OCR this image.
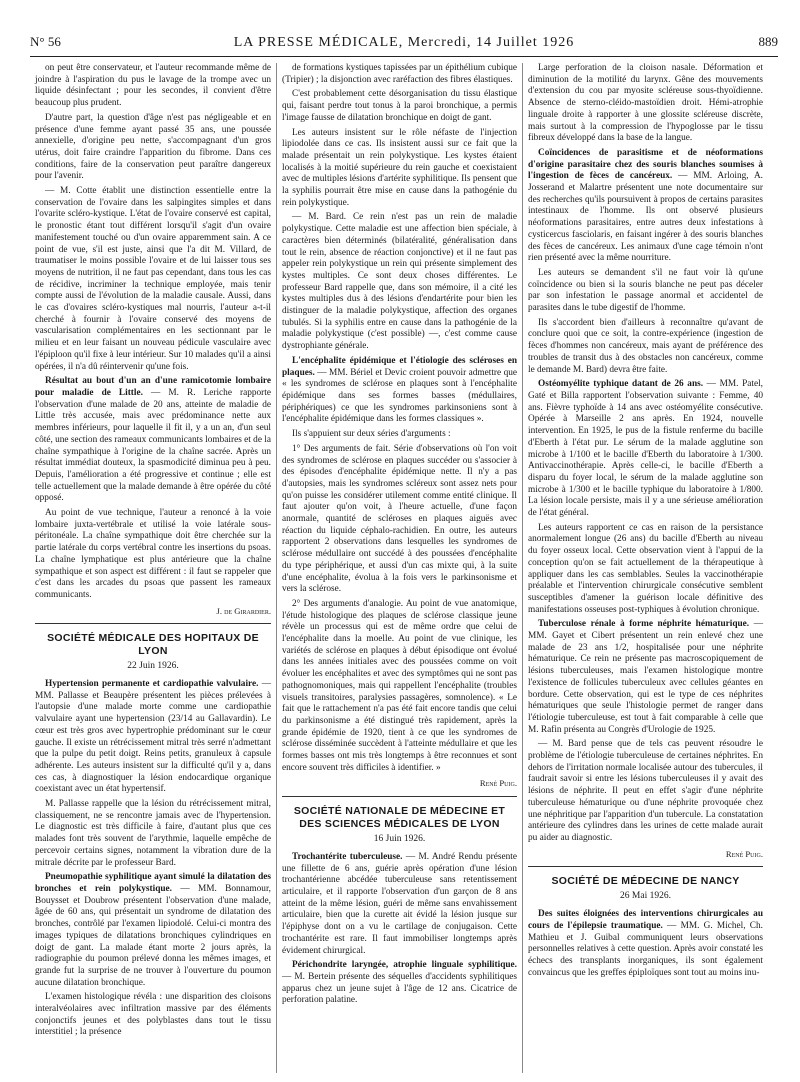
N° 56	LA PRESSE MÉDICALE, Mercredi, 14 Juillet 1926	889

on peut être conservateur, et l'auteur recommande même de joindre à l'aspiration du pus le lavage de la trompe avec un liquide désinfectant ; pour les secondes, il convient d'être beaucoup plus prudent.

D'autre part, la question d'âge n'est pas négligeable et en présence d'une femme ayant passé 35 ans, une poussée annexielle, d'origine peu nette, s'accompagnant d'un gros utérus, doit faire craindre l'apparition du fibrome. Dans ces conditions, faire de la conservation peut paraître dangereux pour l'avenir.

— M. Cotte établit une distinction essentielle entre la conservation de l'ovaire dans les salpingites simples et dans l'ovarite scléro-kystique. L'état de l'ovaire conservé est capital, le pronostic étant tout différent lorsqu'il s'agit d'un ovaire manifestement touché ou d'un ovaire apparemment sain. A ce point de vue, s'il est juste, ainsi que l'a dit M. Villard, de traumatiser le moins possible l'ovaire et de lui laisser tous ses moyens de nutrition, il ne faut pas cependant, dans tous les cas de récidive, incriminer la technique employée, mais tenir compte aussi de l'évolution de la maladie causale. Aussi, dans le cas d'ovaires scléro-kystiques mal nourris, l'auteur a-t-il cherché à fournir à l'ovaire conservé des moyens de vascularisation complémentaires en les sectionnant par le milieu et en leur faisant un nouveau pédicule vasculaire avec l'épiploon qu'il fixe à leur intérieur. Sur 10 malades qu'il a ainsi opérées, il n'a dû réintervenir qu'une fois.

Résultat au bout d'un an d'une ramicotomie lombaire pour maladie de Little. — M. R. Leriche rapporte l'observation d'une malade de 20 ans, atteinte de maladie de Little très accusée, mais avec prédominance nette aux membres inférieurs, pour laquelle il fit il, y a un an, d'un seul côté, une section des rameaux communicants lombaires et de la chaîne sympathique à l'origine de la chaîne sacrée. Après un résultat immédiat douteux, la spasmodicité diminua peu à peu. Depuis, l'amélioration a été progressive et continue ; elle est telle actuellement que la malade demande à être opérée du côté opposé.

Au point de vue technique, l'auteur a renoncé à la voie lombaire juxta-vertébrale et utilisé la voie latérale sous-péritonéale. La chaîne sympathique doit être cherchée sur la partie latérale du corps vertébral contre les insertions du psoas. La chaîne lymphatique est plus antérieure que la chaîne sympathique et son aspect est différent : il faut se rappeler que c'est dans les arcades du psoas que passent les rameaux communicants.

J. de Girardier.

SOCIÉTÉ MÉDICALE DES HOPITAUX DE LYON
22 Juin 1926.

Hypertension permanente et cardiopathie valvulaire. — MM. Pallasse et Beaupère présentent les pièces prélevées à l'autopsie d'une malade morte comme une cardiopathie valvulaire ayant une hypertension (23/14 au Gallavardin). Le cœur est très gros avec hypertrophie prédominant sur le cœur gauche. Il existe un rétrécissement mitral très serré n'admettant que la pulpe du petit doigt. Reins petits, granuleux à capsule adhérente. Les auteurs insistent sur la difficulté qu'il y a, dans ces cas, à diagnostiquer la lésion endocardique organique coexistant avec un état hypertensif.

M. Pallasse rappelle que la lésion du rétrécissement mitral, classiquement, ne se rencontre jamais avec de l'hypertension. Le diagnostic est très difficile à faire, d'autant plus que ces malades font très souvent de l'arythmie, laquelle empêche de percevoir certains signes, notamment la vibration dure de la mitrale décrite par le professeur Bard.

Pneumopathie syphilitique ayant simulé la dilatation des bronches et rein polykystique. — MM. Bonnamour, Bouysset et Doubrow présentent l'observation d'une malade, âgée de 60 ans, qui présentait un syndrome de dilatation des bronches, contrôlé par l'examen lipiodolé. Celui-ci montra des images typiques de dilatations bronchiques cylindriques en doigt de gant. La malade étant morte 2 jours après, la radiographie du poumon prélevé donna les mêmes images, et grande fut la surprise de ne trouver à l'ouverture du poumon aucune dilatation bronchique.

L'examen histologique révéla : une disparition des cloisons interalvéolaires avec infiltration massive par des éléments conjonctifs jeunes et des polyblastes dans tout le tissu interstitiel ; la présence

de formations kystiques tapissées par un épithélium cubique (Tripier) ; la disjonction avec raréfaction des fibres élastiques.

C'est probablement cette désorganisation du tissu élastique qui, faisant perdre tout tonus à la paroi bronchique, a permis l'image fausse de dilatation bronchique en doigt de gant.

Les auteurs insistent sur le rôle néfaste de l'injection lipiodolée dans ce cas. Ils insistent aussi sur ce fait que la malade présentait un rein polykystique. Les kystes étaient localisés à la moitié supérieure du rein gauche et coexistaient avec de multiples lésions d'artérite syphilitique. Ils pensent que la syphilis pourrait être mise en cause dans la pathogénie du rein polykystique.

— M. Bard. Ce rein n'est pas un rein de maladie polykystique. Cette maladie est une affection bien spéciale, à caractères bien déterminés (bilatéralité, généralisation dans tout le rein, absence de réaction conjonctive) et il ne faut pas appeler rein polykystique un rein qui présente simplement des kystes multiples. Ce sont deux choses différentes. Le professeur Bard rappelle que, dans son mémoire, il a cité les kystes multiples dus à des lésions d'endartérite pour bien les distinguer de la maladie polykystique, affection des organes tubulés. Si la syphilis entre en cause dans la pathogénie de la maladie polykystique (c'est possible) —, c'est comme cause dystrophiante générale.

L'encéphalite épidémique et l'étiologie des scléroses en plaques. — MM. Bériel et Devic croient pouvoir admettre que « les syndromes de sclérose en plaques sont à l'encéphalite épidémique dans ses formes basses (médullaires, périphériques) ce que les syndromes parkinsoniens sont à l'encéphalite épidémique dans les formes classiques ».

Ils s'appuient sur deux séries d'arguments :

1° Des arguments de fait. Série d'observations où l'on voit des syndromes de sclérose en plaques succéder ou s'associer à des épisodes d'encéphalite épidémique nette. Il n'y a pas d'autopsies, mais les syndromes scléreux sont assez nets pour qu'on puisse les considérer utilement comme entité clinique. Il faut ajouter qu'on voit, à l'heure actuelle, d'une façon anormale, quantité de scléroses en plaques aiguës avec réaction du liquide céphalo-rachidien. En outre, les auteurs rapportent 2 observations dans lesquelles les syndromes de sclérose médullaire ont succédé à des poussées d'encéphalite du type périphérique, et aussi d'un cas mixte qui, à la suite d'une encéphalite, évolua à la fois vers le parkinsonisme et vers la sclérose.

2° Des arguments d'analogie. Au point de vue anatomique, l'étude histologique des plaques de sclérose classique jeune révèle un processus qui est de même ordre que celui de l'encéphalite dans la moelle. Au point de vue clinique, les variétés de sclérose en plaques à début épisodique ont évolué dans les années initiales avec des poussées comme on voit évoluer les encéphalites et avec des symptômes qui ne sont pas pathognomoniques, mais qui rappellent l'encéphalite (troubles visuels transitoires, paralysies passagères, somnolence). « Le fait que le rattachement n'a pas été fait encore tandis que celui du parkinsonisme a été distingué très rapidement, après la grande épidémie de 1920, tient à ce que les syndromes de sclérose disséminée succèdent à l'atteinte médullaire et que les formes basses ont mis très longtemps à être reconnues et sont encore souvent très difficiles à identifier. »

René Puig.

SOCIÉTÉ NATIONALE DE MÉDECINE ET DES SCIENCES MÉDICALES DE LYON
16 Juin 1926.

Trochantérite tuberculeuse. — M. André Rendu présente une fillette de 6 ans, guérie après opération d'une lésion trochantérienne abcédée tuberculeuse sans retentissement articulaire, et il rapporte l'observation d'un garçon de 8 ans atteint de la même lésion, guéri de même sans envahissement articulaire, bien que la curette ait évidé la lésion jusque sur l'épiphyse dont on a vu le cartilage de conjugaison. Cette trochantérite est rare. Il faut immobiliser longtemps après évidement chirurgical.

Périchondrite laryngée, atrophie linguale syphilitique. — M. Bertein présente des séquelles d'accidents syphilitiques apparus chez un jeune sujet à l'âge de 12 ans. Cicatrice de perforation palatine.

Large perforation de la cloison nasale. Déformation et diminution de la motilité du larynx. Gêne des mouvements d'extension du cou par myosite scléreuse sous-thyoïdienne. Absence de sterno-cléido-mastoïdien droit. Hémi-atrophie linguale droite à rapporter à une glossite scléreuse discrète, mais surtout à la compression de l'hypoglosse par le tissu fibreux développé dans la base de la langue.

Coïncidences de parasitisme et de néoformations d'origine parasitaire chez des souris blanches soumises à l'ingestion de fèces de cancéreux. — MM. Arloing, A. Josserand et Malartre présentent une note documentaire sur des recherches qu'ils poursuivent à propos de certains parasites intestinaux de l'homme. Ils ont observé plusieurs néoformations parasitaires, entre autres deux infestations à cysticercus fasciolaris, en faisant ingérer à des souris blanches des fèces de cancéreux. Les animaux d'une cage témoin n'ont rien présenté avec la même nourriture.

Les auteurs se demandent s'il ne faut voir là qu'une coïncidence ou bien si la souris blanche ne peut pas déceler par son infestation le passage anormal et accidentel de parasites dans le tube digestif de l'homme.

Ils s'accordent bien d'ailleurs à reconnaître qu'avant de conclure quoi que ce soit, la contre-expérience (ingestion de fèces d'hommes non cancéreux, mais ayant de préférence des troubles de transit dus à des obstacles non cancéreux, comme le demande M. Bard) devra être faite.

Ostéomyélite typhique datant de 26 ans. — MM. Patel, Gaté et Billa rapportent l'observation suivante : Femme, 40 ans. Fièvre typhoïde à 14 ans avec ostéomyélite consécutive. Opérée à Marseille 2 ans après. En 1924, nouvelle intervention. En 1925, le pus de la fistule renferme du bacille d'Eberth à l'état pur. Le sérum de la malade agglutine son microbe à 1/100 et le bacille d'Eberth du laboratoire à 1/300. Antivaccinothérapie. Après celle-ci, le bacille d'Eberth a disparu du foyer local, le sérum de la malade agglutine son microbe à 1/300 et le bacille typhique du laboratoire à 1/800. La lésion locale persiste, mais il y a une sérieuse amélioration de l'état général.

Les auteurs rapportent ce cas en raison de la persistance anormalement longue (26 ans) du bacille d'Eberth au niveau du foyer osseux local. Cette observation vient à l'appui de la conception qu'on se fait actuellement de la thérapeutique à appliquer dans les cas semblables. Seules la vaccinothérapie préalable et l'intervention chirurgicale consécutive semblent susceptibles d'amener la guérison locale définitive des manifestations osseuses post-typhiques à évolution chronique.

Tuberculose rénale à forme néphrite hématurique. — MM. Gayet et Cibert présentent un rein enlevé chez une malade de 23 ans 1/2, hospitalisée pour une néphrite hématurique. Ce rein ne présente pas macroscopiquement de lésions tuberculeuses, mais l'examen histologique montre l'existence de follicules tuberculeux avec cellules géantes en bordure. Cette observation, qui est le type de ces néphrites hématuriques que seule l'histologie permet de ranger dans l'étiologie tuberculeuse, est tout à fait comparable à celle que M. Rafin présenta au Congrès d'Urologie de 1925.

— M. Bard pense que de tels cas peuvent résoudre le problème de l'étiologie tuberculeuse de certaines néphrites. En dehors de l'irritation normale localisée autour des tubercules, il faudrait savoir si entre les lésions tuberculeuses il y avait des lésions de néphrite. Il peut en effet s'agir d'une néphrite tuberculeuse hématurique ou d'une néphrite provoquée chez une néphritique par l'apparition d'un tubercule. La constatation antérieure des cylindres dans les urines de cette malade aurait pu aider au diagnostic.

René Puig.

SOCIÉTÉ DE MÉDECINE DE NANCY
26 Mai 1926.

Des suites éloignées des interventions chirurgicales au cours de l'épilepsie traumatique. — MM. G. Michel, Ch. Mathieu et J. Guibal communiquent leurs observations personnelles relatives à cette question. Après avoir constaté les échecs des transplants inorganiques, ils sont également convaincus que les greffes épiploïques sont tout au moins inu-
